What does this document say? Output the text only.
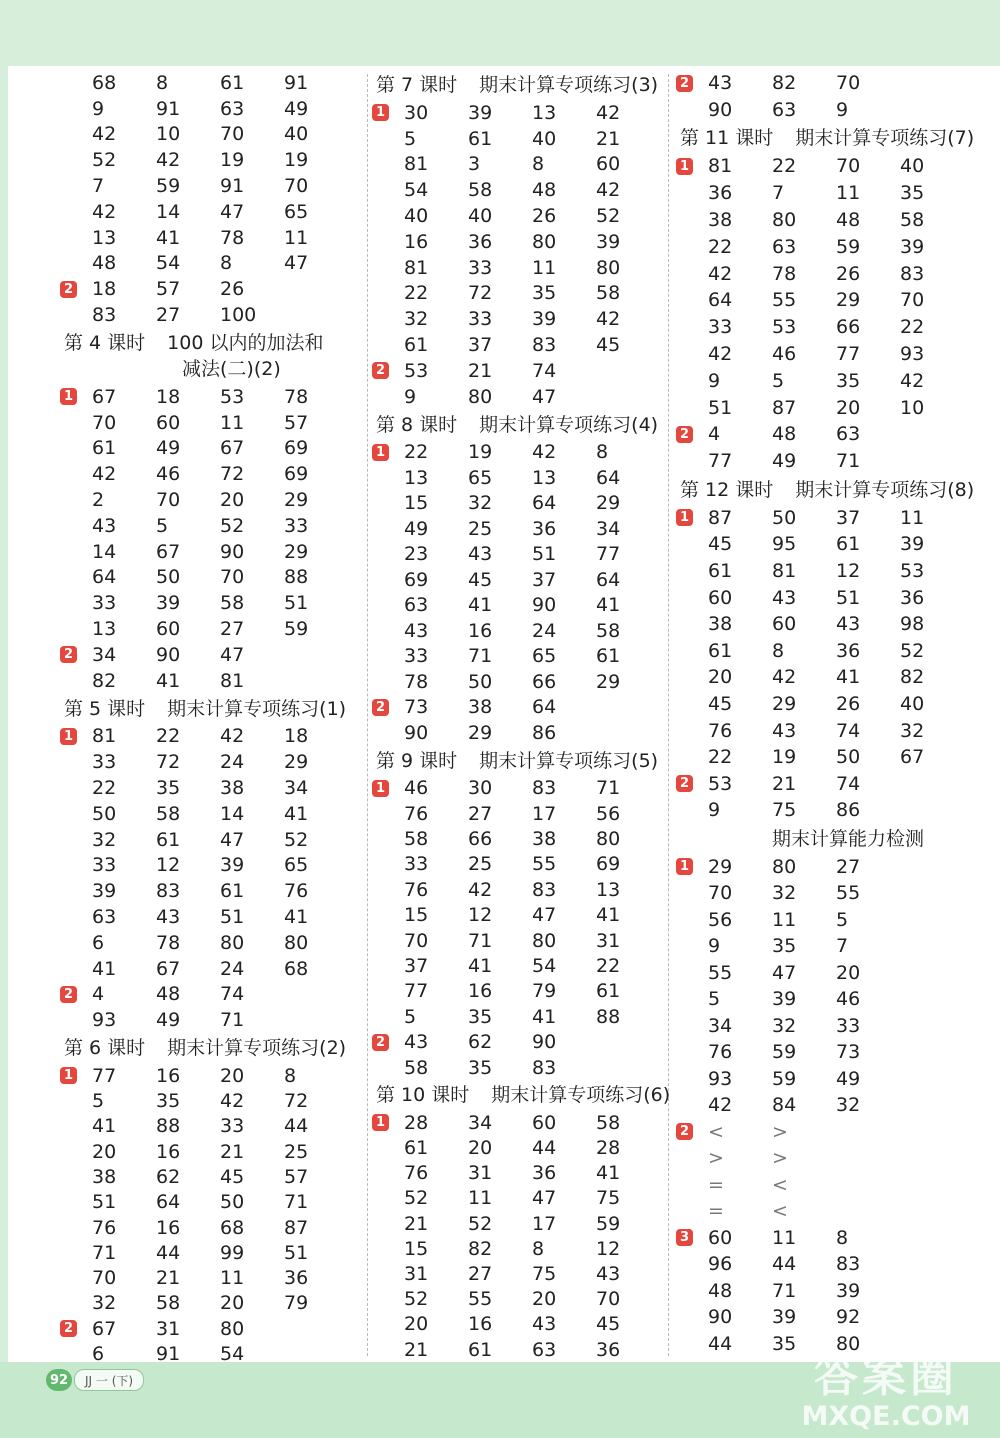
68	8	61	91
9	91	63	49
42	10	70	40
52	42	19	19
7	59	91	70
42	14	47	65
13	41	78	11
48	54	8	47
2 18	57	26
83	27	100
第 4 课时 100 以内的加法和
减法(二)(2)
1 67	18	53	78
70	60	11	57
61	49	67	69
42	46	72	69
2	70	20	29
43	5	52	33
14	67	90	29
64	50	70	88
33	39	58	51
13	60	27	59
2 34	90	47
82	41	81
第 5 课时 期末计算专项练习(1)
1 81	22	42	18
33	72	24	29
22	35	38	34
50	58	14	41
32	61	47	52
33	12	39	65
39	83	61	76
63	43	51	41
6	78	80	80
41	67	24	68
2 4	48	74
93	49	71
第 6 课时 期末计算专项练习(2)
1 77	16	20	8
5	35	42	72
41	88	33	44
20	16	21	25
38	62	45	57
51	64	50	71
76	16	68	87
71	44	99	51
70	21	11	36
32	58	20	79
2 67	31	80
6	91	54
第 7 课时 期末计算专项练习(3)
1 30	39	13	42
5	61	40	21
81	3	8	60
54	58	48	42
40	40	26	52
16	36	80	39
81	33	11	80
22	72	35	58
32	33	39	42
61	37	83	45
2 53	21	74
9	80	47
第 8 课时 期末计算专项练习(4)
1 22	19	42	8
13	65	13	64
15	32	64	29
49	25	36	34
23	43	51	77
69	45	37	64
63	41	90	41
43	16	24	58
33	71	65	61
78	50	66	29
2 73	38	64
90	29	86
第 9 课时 期末计算专项练习(5)
1 46	30	83	71
76	27	17	56
58	66	38	80
33	25	55	69
76	42	83	13
15	12	47	41
70	71	80	31
37	41	54	22
77	16	79	61
5	35	41	88
2 43	62	90
58	35	83
第 10 课时 期末计算专项练习(6)
1 28	34	60	58
61	20	44	28
76	31	36	41
52	11	47	75
21	52	17	59
15	82	8	12
31	27	75	43
52	55	20	70
20	16	43	45
21	61	63	36
2 43	82	70
90	63	9
第 11 课时 期末计算专项练习(7)
1 81	22	70	40
36	7	11	35
38	80	48	58
22	63	59	39
42	78	26	83
64	55	29	70
33	53	66	22
42	46	77	93
9	5	35	42
51	87	20	10
2 4	48	63
77	49	71
第 12 课时 期末计算专项练习(8)
1 87	50	37	11
45	95	61	39
61	81	12	53
60	43	51	36
38	60	43	98
61	8	36	52
20	42	41	82
45	29	26	40
76	43	74	32
22	19	50	67
2 53	21	74
9	75	86
期末计算能力检测
1 29	80	27
70	32	55
56	11	5
9	35	7
55	47	20
5	39	46
34	32	33
76	59	73
93	59	49
42	84	32
2 <	>
>	>
=	<
=	<
3 60	11	8
96	44	83
48	71	39
90	39	92
44	35	80
92	JJ 一 (下)	答案圈
MXQE.COM
